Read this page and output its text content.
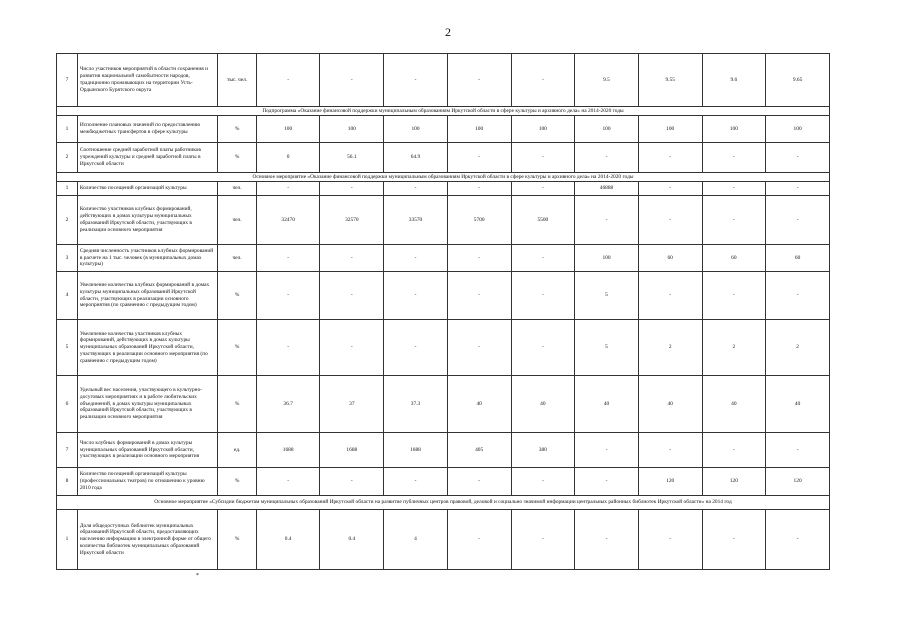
2
7	Число участников мероприятий в области сохранения и развития национальной самобытности народов, традиционно проживающих на территории Усть-Ордынского Бурятского округа	тыс. чел.	-	-	-	-	-	9.5	9.55	9.6	9.65
Подпрограмма «Оказание финансовой поддержки муниципальным образованиям Иркутской области в сфере культуры и архивного дела» на 2014-2020 годы											
1	Исполнение плановых значений по предоставлению межбюджетных трансфертов в сфере культуры	%	100	100	100	100	100	100	100	100	100
2	Соотношение средней заработной платы работников учреждений культуры и средней заработной платы в Иркутской области	%	0	56.1	64.9	-	-	-	-	-	-
Основное мероприятие «Оказание финансовой поддержки муниципальным образованиям Иркутской области в сфере культуры и архивного дела» на 2014-2020 годы											
1	Количество посещений организаций культуры	чел.	-	-	-	-	-	46888	-	-	-
2	Количество участников клубных формирований, действующих в домах культуры муниципальных образований Иркутской области, участвующих в реализации основного мероприятия	чел.	32470	32570	33570	5700	5500	-	-	-	-
3	Средняя численность участников клубных формирований в расчете на 1 тыс. человек (в муниципальных домах культуры)	чел.	-	-	-	-	-	100	60	60	60
4	Увеличение количества клубных формирований в домах культуры муниципальных образований Иркутской области, участвующих в реализации основного мероприятия (по сравнению с предыдущим годом)	%	-	-	-	-	-	5	-	-	-
5	Увеличение количества участников клубных формирований, действующих в домах культуры муниципальных образований Иркутской области, участвующих в реализации основного мероприятия (по сравнению с предыдущим годом)	%	-	-	-	-	-	5	2	2	2
6	Удельный вес населения, участвующего в культурно-досуговых мероприятиях и в работе любительских объединений, в домах культуры муниципальных образований Иркутской области, участвующих в реализации основного мероприятия	%	36.7	37	37.3	40	40	40	40	40	40
7	Число клубных формирований в домах культуры муниципальных образований Иркутской области, участвующих в реализации основного мероприятия	ед.	1688	1688	1688	405	380	-	-	-	-
8	Количество посещений организаций культуры (профессиональных театров) по отношению к уровню 2010 года	%	-	-	-	-	-	-	120	120	120
Основное мероприятие «Субсидии бюджетам муниципальных образований Иркутской области на развитие публичных центров правовой, деловой и социально значимой информации центральных районных библиотек Иркутской области» на 2014 год											
1	Доля общедоступных библиотек муниципальных образований Иркутской области, предоставляющих населению информацию в электронной форме от общего количества библиотек муниципальных образований Иркутской области	%	0.4	0.4	4	-	-	-	-	-	-
*
